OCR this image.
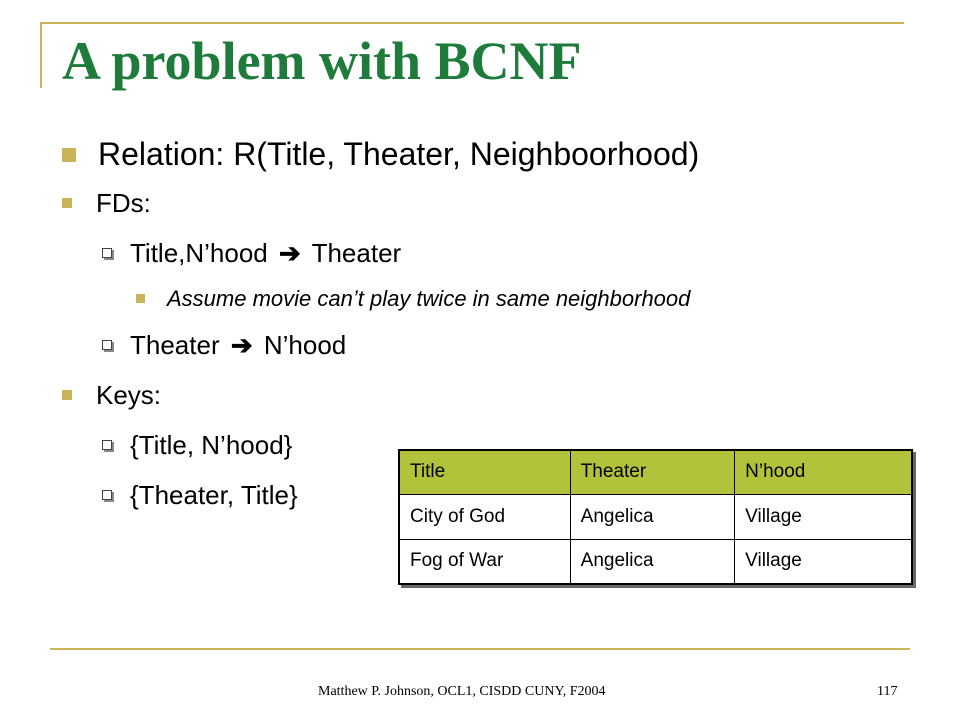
A problem with BCNF
Relation: R(Title, Theater, Neighboorhood)
FDs:
Title,N’hood ➔ Theater
Assume movie can’t play twice in same neighborhood
Theater ➔ N’hood
Keys:
{Title, N’hood}
{Theater, Title}
Title	Theater	N’hood
City of God	Angelica	Village
Fog of War	Angelica	Village
Matthew P. Johnson, OCL1, CISDD CUNY, F2004	117
